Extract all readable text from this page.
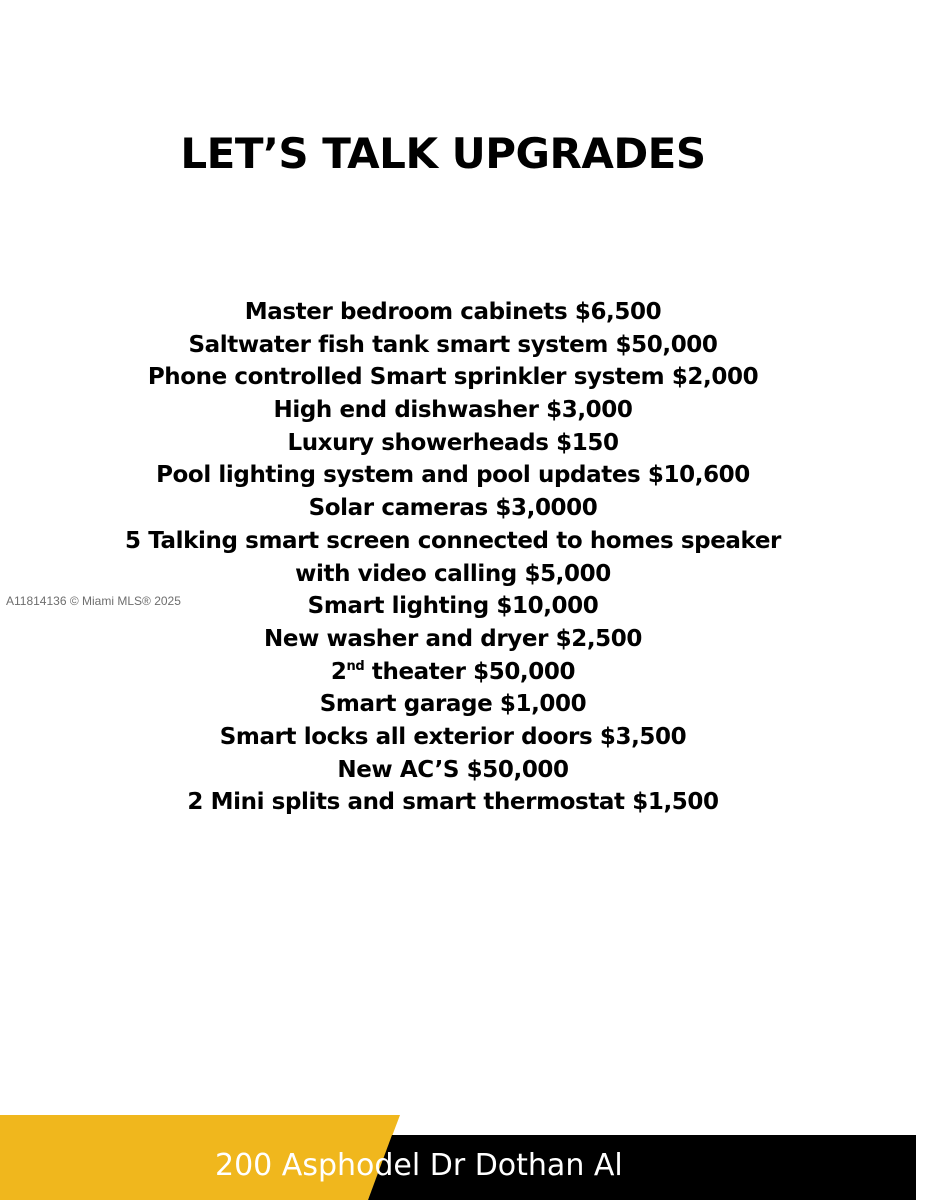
LET’S TALK UPGRADES
Master bedroom cabinets $6,500
Saltwater fish tank smart system $50,000
Phone controlled Smart sprinkler system $2,000
High end dishwasher $3,000
Luxury showerheads $150
Pool lighting system and pool updates $10,600
Solar cameras $3,0000
5 Talking smart screen connected to homes speaker
with video calling $5,000
Smart lighting $10,000
New washer and dryer $2,500
2nd theater $50,000
Smart garage $1,000
Smart locks all exterior doors $3,500
New AC’S $50,000
2 Mini splits and smart thermostat $1,500
A11814136 © Miami MLS® 2025
200 Asphodel Dr Dothan Al
